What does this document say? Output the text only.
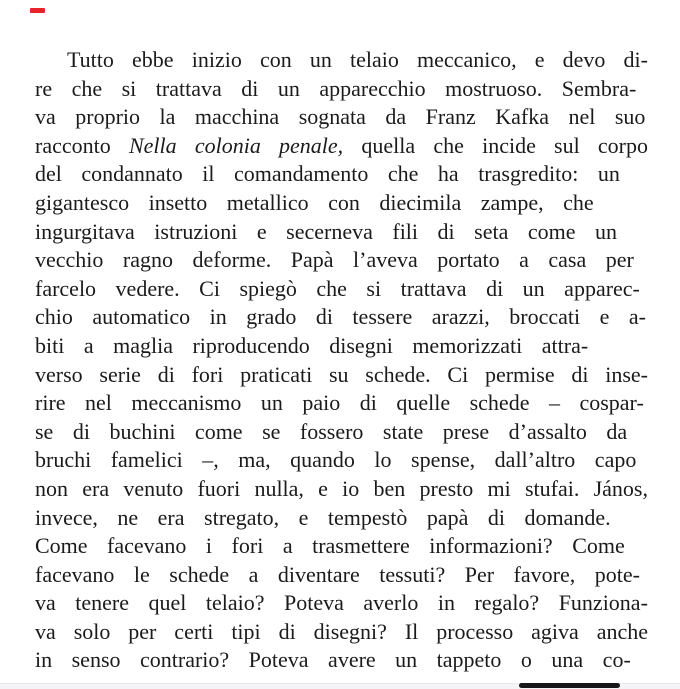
Tutto ebbe inizio con un telaio meccanico, e devo di-
re che si trattava di un apparecchio mostruoso. Sembra-
va proprio la macchina sognata da Franz Kafka nel suo
racconto Nella colonia penale, quella che incide sul corpo
del condannato il comandamento che ha trasgredito: un
gigantesco insetto metallico con diecimila zampe, che
ingurgitava istruzioni e secerneva fili di seta come un
vecchio ragno deforme. Papà l’aveva portato a casa per
farcelo vedere. Ci spiegò che si trattava di un apparec-
chio automatico in grado di tessere arazzi, broccati e a-
biti a maglia riproducendo disegni memorizzati attra-
verso serie di fori praticati su schede. Ci permise di inse-
rire nel meccanismo un paio di quelle schede – cospar-
se di buchini come se fossero state prese d’assalto da
bruchi famelici –, ma, quando lo spense, dall’altro capo
non era venuto fuori nulla, e io ben presto mi stufai. János,
invece, ne era stregato, e tempestò papà di domande.
Come facevano i fori a trasmettere informazioni? Come
facevano le schede a diventare tessuti? Per favore, pote-
va tenere quel telaio? Poteva averlo in regalo? Funziona-
va solo per certi tipi di disegni? Il processo agiva anche
in senso contrario? Poteva avere un tappeto o una co-
